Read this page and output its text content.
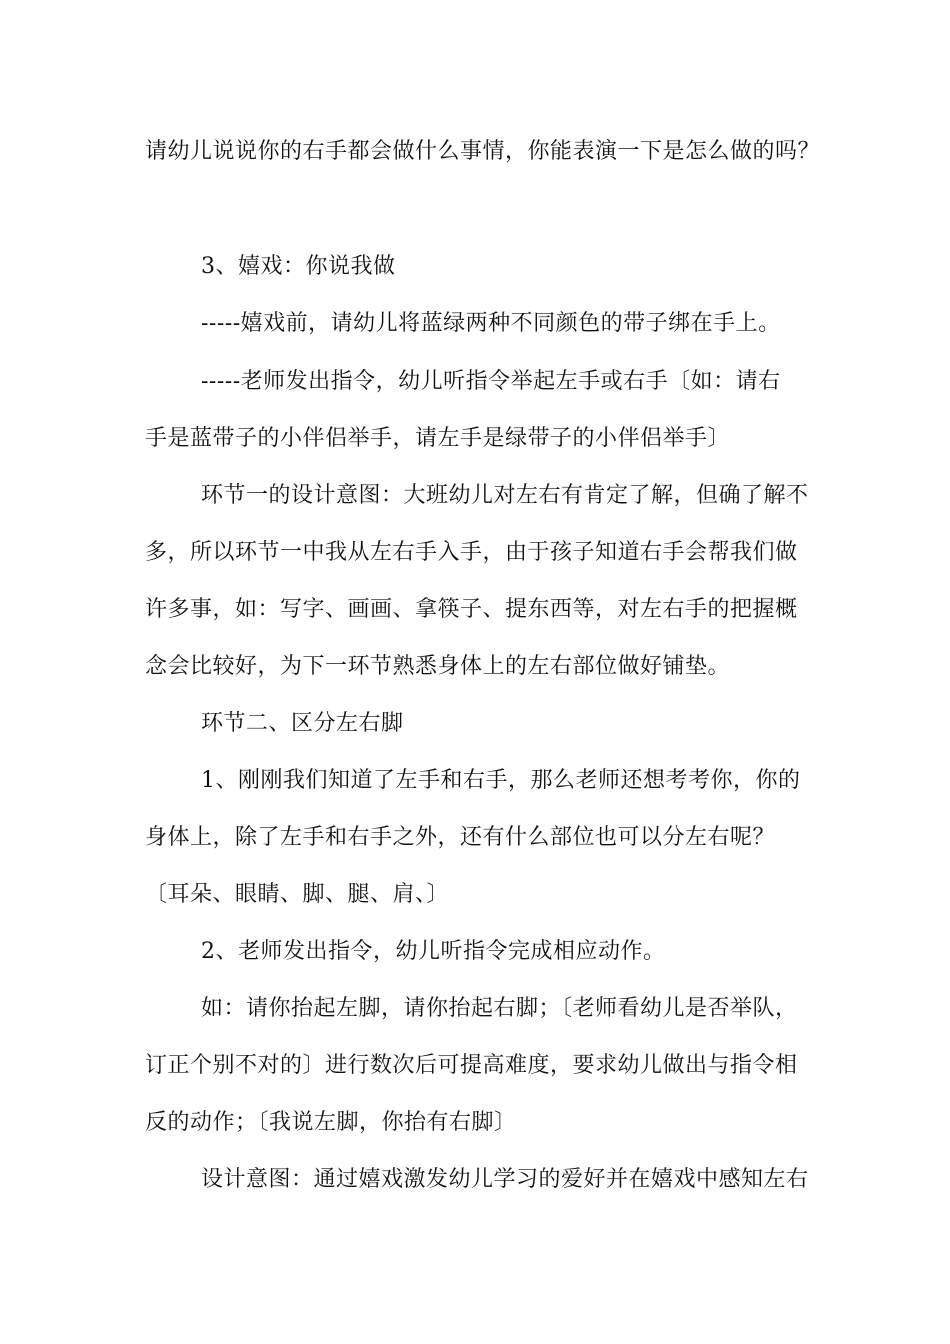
请幼儿说说你的右手都会做什么事情，你能表演一下是怎么做的吗？
3、嬉戏：你说我做
-----嬉戏前，请幼儿将蓝绿两种不同颜色的带子绑在手上。
-----老师发出指令，幼儿听指令举起左手或右手〔如：请右
手是蓝带子的小伴侣举手，请左手是绿带子的小伴侣举手〕
环节一的设计意图：大班幼儿对左右有肯定了解，但确了解不
多，所以环节一中我从左右手入手，由于孩子知道右手会帮我们做
许多事，如：写字、画画、拿筷子、提东西等，对左右手的把握概
念会比较好，为下一环节熟悉身体上的左右部位做好铺垫。
环节二、区分左右脚
1、刚刚我们知道了左手和右手，那么老师还想考考你，你的
身体上，除了左手和右手之外，还有什么部位也可以分左右呢？
〔耳朵、眼睛、脚、腿、肩、〕
2、老师发出指令，幼儿听指令完成相应动作。
如：请你抬起左脚，请你抬起右脚；〔老师看幼儿是否举队，
订正个别不对的〕进行数次后可提高难度，要求幼儿做出与指令相
反的动作；〔我说左脚，你抬有右脚〕
设计意图：通过嬉戏激发幼儿学习的爱好并在嬉戏中感知左右
